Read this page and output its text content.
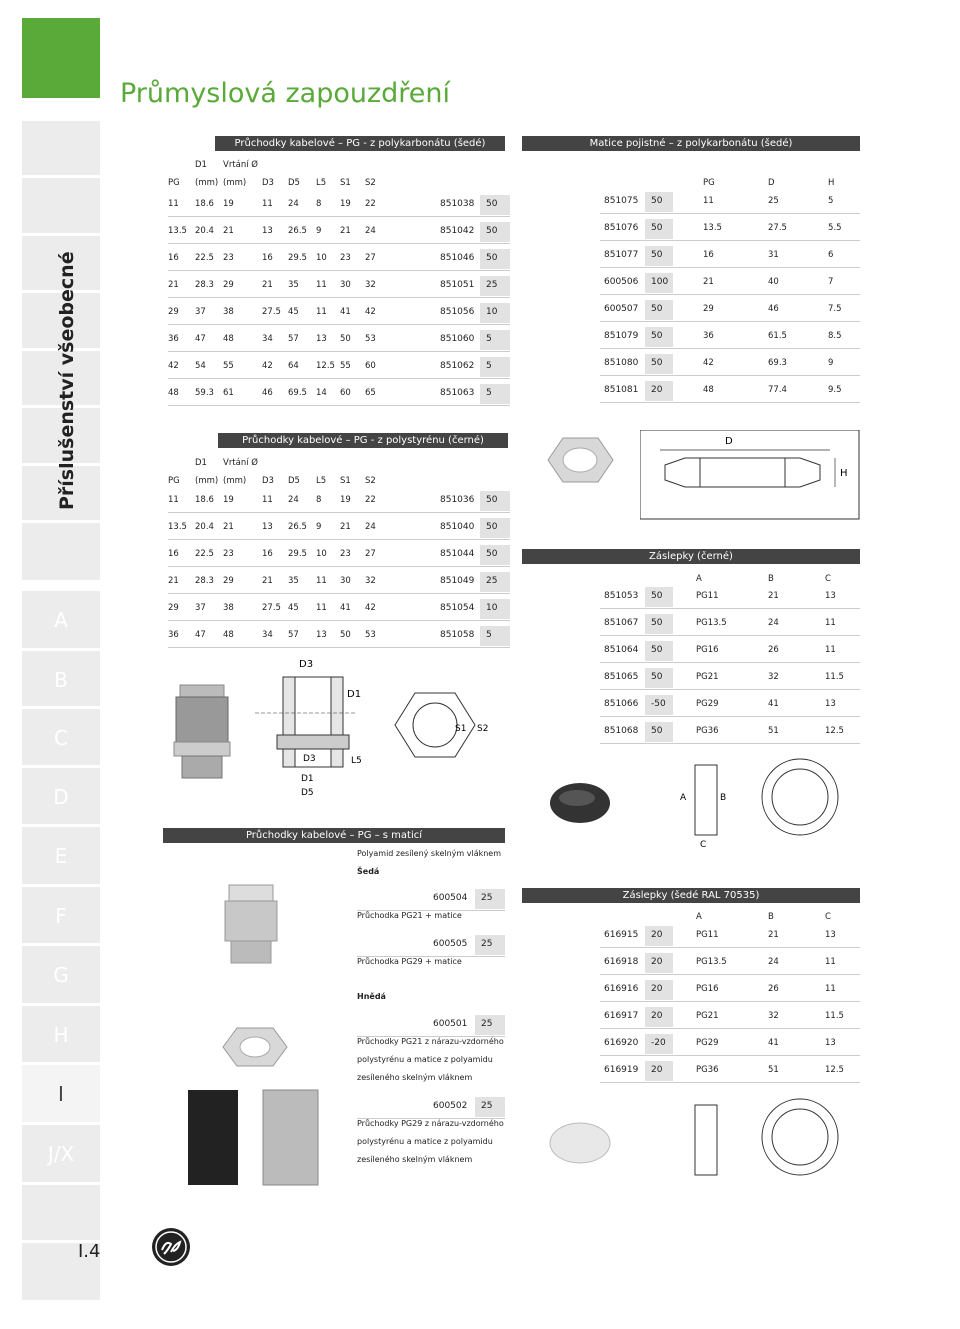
A
B
C
D
E
F
G
H
I
J/X
Příslušenství všeobecné
Průmyslová zapouzdření
I.4
Průchodky kabelové – PG - z polykarbonátu (šedé)
D1 Vrtání Ø
PG (mm) (mm) D3 D5 L5 S1 S2
11 18.6 19	11 24 8 19 22	851038 50
13.5 20.4 21	13 26.5 9 21 24	851042 50
16 22.5 23	16 29.5 10 23 27	851046 50
21 28.3 29	21 35 11 30 32	851051 25
29 37 38	27.5 45 11 41 42	851056 10
36 47 48	34 57 13 50 53	851060 5
42 54 55	42 64 12.5 55 60	851062 5
48 59.3 61	46 69.5 14 60 65	851063 5
Matice pojistné – z polykarbonátu (šedé)
PG	D	H
851075 50	11	25	5
851076 50	13.5	27.5	5.5
851077 50	16	31	6
600506 100	21	40	7
600507 50	29	46	7.5
851079 50	36	61.5	8.5
851080 50	42	69.3	9
851081 20	48	77.4	9.5
Průchodky kabelové – PG - z polystyrénu (černé)
D1 Vrtání Ø
PG (mm) (mm) D3 D5 L5 S1 S2
11 18.6 19	11 24 8 19 22	851036 50
13.5 20.4 21	13 26.5 9 21 24	851040 50
16 22.5 23	16 29.5 10 23 27	851044 50
21 28.3 29	21 35 11 30 32	851049 25
29 37 38	27.5 45 11 41 42	851054 10
36 47 48	34 57 13 50 53	851058 5
Záslepky (černé)
A	B	C
851053 50	PG11	21	13
851067 50	PG13.5	24	11
851064 50	PG16	26	11
851065 50	PG21	32	11.5
851066 -50	PG29	41	13
851068 50	PG36	51	12.5
Záslepky (šedé RAL 70535)
A	B	C
616915 20	PG11	21	13
616918 20	PG13.5	24	11
616916 20	PG16	26	11
616917 20	PG21	32	11.5
616920 -20	PG29	41	13
616919 20	PG36	51	12.5
Průchodky kabelové – PG – s maticí
Polyamid zesílený skelným vláknem
Šedá
Hnědá
600504 25
Průchodka PG21 + matice
600505 25
Průchodka PG29 + matice
600501 25
Průchodky PG21 z nárazu-vzdorného
polystyrénu a matice z polyamidu
zesíleného skelným vláknem
600502 25
Průchodky PG29 z nárazu-vzdorného
polystyrénu a matice z polyamidu
zesíleného skelným vláknem
D
H
D3
D1
D3	L5
D1
D5
S1 S2
A	B
C
